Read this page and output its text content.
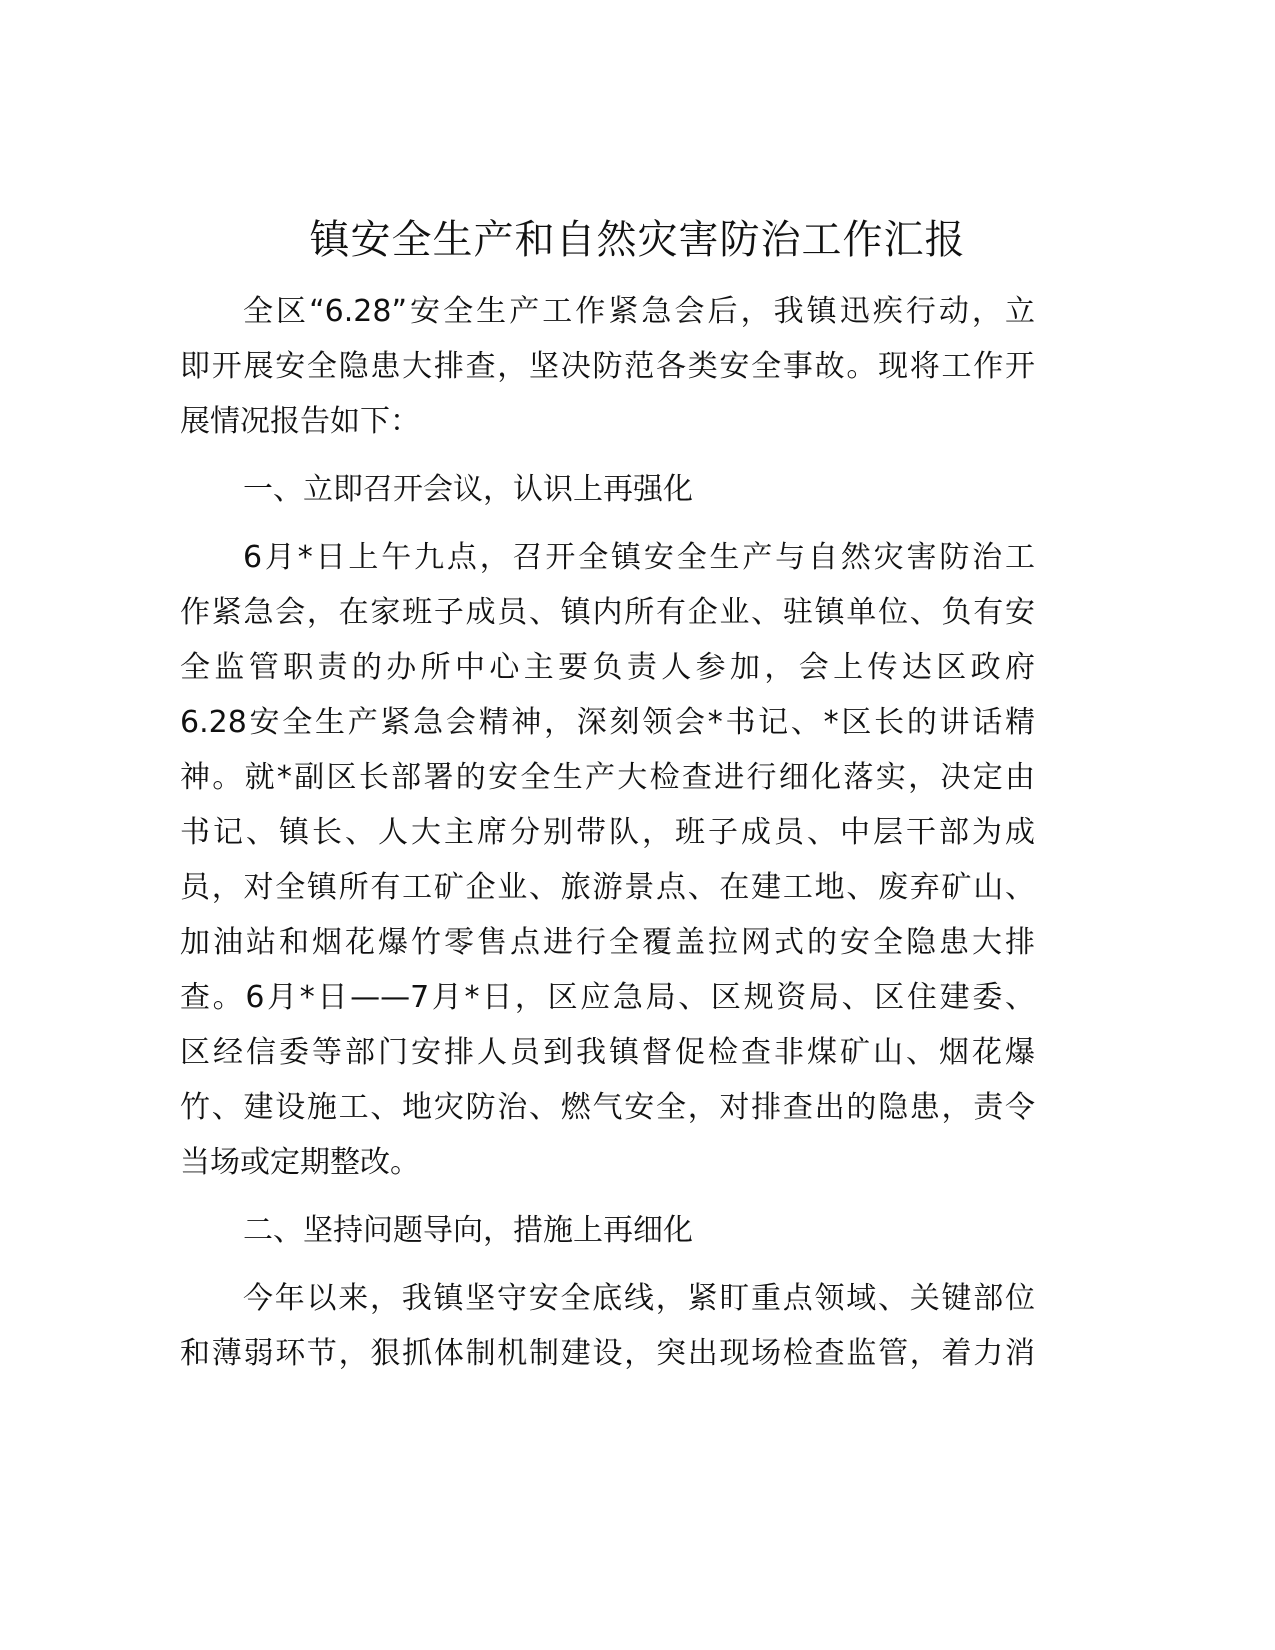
镇安全生产和自然灾害防治工作汇报
全区“6.28”安全生产工作紧急会后，我镇迅疾行动，立
即开展安全隐患大排查，坚决防范各类安全事故。现将工作开
展情况报告如下：
一、立即召开会议，认识上再强化
6月*日上午九点，召开全镇安全生产与自然灾害防治工
作紧急会，在家班子成员、镇内所有企业、驻镇单位、负有安
全监管职责的办所中心主要负责人参加，会上传达区政府
6.28安全生产紧急会精神，深刻领会*书记、*区长的讲话精
神。就*副区长部署的安全生产大检查进行细化落实，决定由
书记、镇长、人大主席分别带队，班子成员、中层干部为成
员，对全镇所有工矿企业、旅游景点、在建工地、废弃矿山、
加油站和烟花爆竹零售点进行全覆盖拉网式的安全隐患大排
查。6月*日——7月*日，区应急局、区规资局、区住建委、
区经信委等部门安排人员到我镇督促检查非煤矿山、烟花爆
竹、建设施工、地灾防治、燃气安全，对排查出的隐患，责令
当场或定期整改。
二、坚持问题导向，措施上再细化
今年以来，我镇坚守安全底线，紧盯重点领域、关键部位
和薄弱环节，狠抓体制机制建设，突出现场检查监管，着力消
